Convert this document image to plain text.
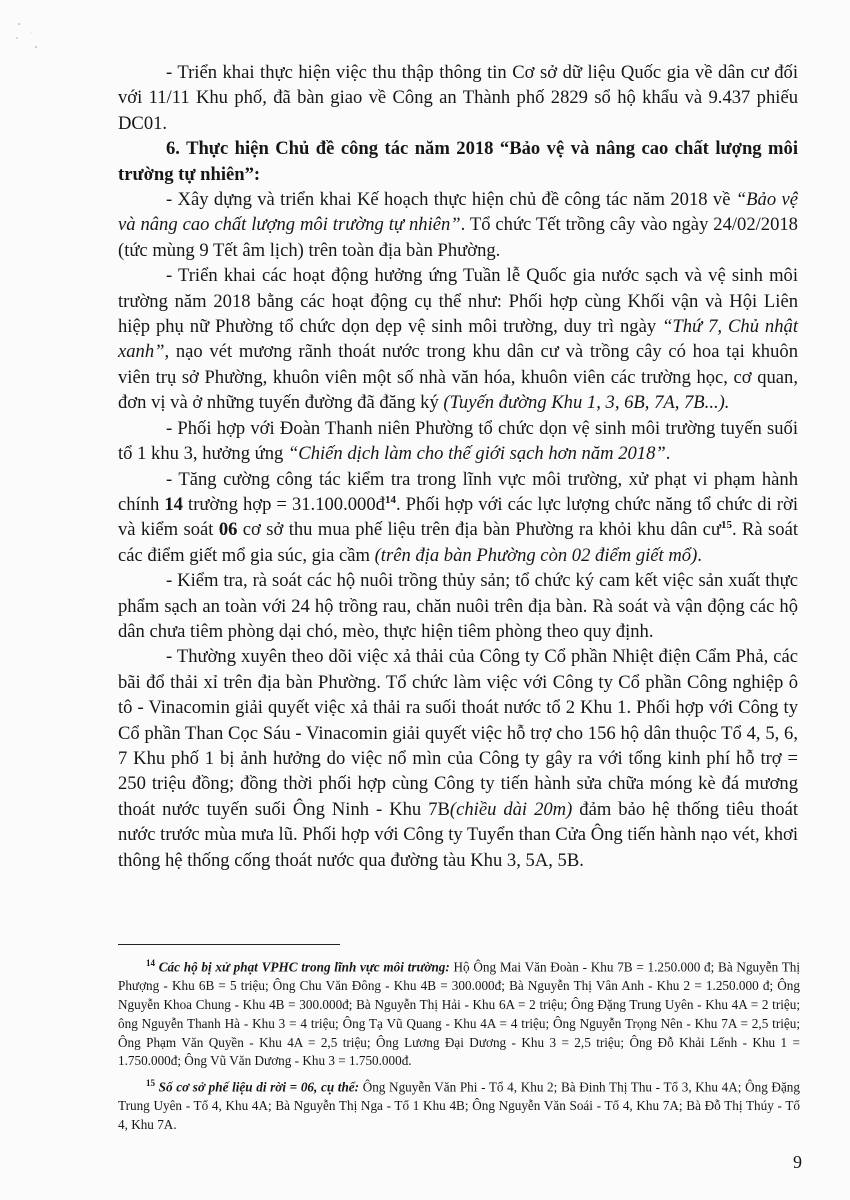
- Triển khai thực hiện việc thu thập thông tin Cơ sở dữ liệu Quốc gia về dân cư đối với 11/11 Khu phố, đã bàn giao về Công an Thành phố 2829 sổ hộ khẩu và 9.437 phiếu DC01.

6. Thực hiện Chủ đề công tác năm 2018 “Bảo vệ và nâng cao chất lượng môi trường tự nhiên”:

- Xây dựng và triển khai Kế hoạch thực hiện chủ đề công tác năm 2018 về “Bảo vệ và nâng cao chất lượng môi trường tự nhiên”. Tổ chức Tết trồng cây vào ngày 24/02/2018 (tức mùng 9 Tết âm lịch) trên toàn địa bàn Phường.

- Triển khai các hoạt động hưởng ứng Tuần lễ Quốc gia nước sạch và vệ sinh môi trường năm 2018 bằng các hoạt động cụ thể như: Phối hợp cùng Khối vận và Hội Liên hiệp phụ nữ Phường tổ chức dọn dẹp vệ sinh môi trường, duy trì ngày “Thứ 7, Chủ nhật xanh”, nạo vét mương rãnh thoát nước trong khu dân cư và trồng cây có hoa tại khuôn viên trụ sở Phường, khuôn viên một số nhà văn hóa, khuôn viên các trường học, cơ quan, đơn vị và ở những tuyến đường đã đăng ký (Tuyến đường Khu 1, 3, 6B, 7A, 7B...).

- Phối hợp với Đoàn Thanh niên Phường tổ chức dọn vệ sinh môi trường tuyến suối tổ 1 khu 3, hưởng ứng “Chiến dịch làm cho thế giới sạch hơn năm 2018”.

- Tăng cường công tác kiểm tra trong lĩnh vực môi trường, xử phạt vi phạm hành chính 14 trường hợp = 31.100.000đ$^{14}$. Phối hợp với các lực lượng chức năng tổ chức di rời và kiểm soát 06 cơ sở thu mua phế liệu trên địa bàn Phường ra khỏi khu dân cư$^{15}$. Rà soát các điểm giết mổ gia súc, gia cầm (trên địa bàn Phường còn 02 điểm giết mổ).

- Kiểm tra, rà soát các hộ nuôi trồng thủy sản; tổ chức ký cam kết việc sản xuất thực phẩm sạch an toàn với 24 hộ trồng rau, chăn nuôi trên địa bàn. Rà soát và vận động các hộ dân chưa tiêm phòng dại chó, mèo, thực hiện tiêm phòng theo quy định.

- Thường xuyên theo dõi việc xả thải của Công ty Cổ phần Nhiệt điện Cẩm Phả, các bãi đổ thải xỉ trên địa bàn Phường. Tổ chức làm việc với Công ty Cổ phần Công nghiệp ô tô - Vinacomin giải quyết việc xả thải ra suối thoát nước tổ 2 Khu 1. Phối hợp với Công ty Cổ phần Than Cọc Sáu - Vinacomin giải quyết việc hỗ trợ cho 156 hộ dân thuộc Tổ 4, 5, 6, 7 Khu phố 1 bị ảnh hưởng do việc nổ mìn của Công ty gây ra với tổng kinh phí hỗ trợ = 250 triệu đồng; đồng thời phối hợp cùng Công ty tiến hành sửa chữa móng kè đá mương thoát nước tuyến suối Ông Ninh - Khu 7B(chiều dài 20m) đảm bảo hệ thống tiêu thoát nước trước mùa mưa lũ. Phối hợp với Công ty Tuyển than Cửa Ông tiến hành nạo vét, khơi thông hệ thống cống thoát nước qua đường tàu Khu 3, 5A, 5B.

$^{14}$ Các hộ bị xử phạt VPHC trong lĩnh vực môi trường: Hộ Ông Mai Văn Đoàn - Khu 7B = 1.250.000 đ; Bà Nguyễn Thị Phượng - Khu 6B = 5 triệu; Ông Chu Văn Đông - Khu 4B = 300.000đ; Bà Nguyễn Thị Vân Anh - Khu 2 = 1.250.000 đ; Ông Nguyễn Khoa Chung - Khu 4B = 300.000đ; Bà Nguyễn Thị Hải - Khu 6A = 2 triệu; Ông Đặng Trung Uyên - Khu 4A = 2 triệu; ông Nguyễn Thanh Hà - Khu 3 = 4 triệu; Ông Tạ Vũ Quang - Khu 4A = 4 triệu; Ông Nguyễn Trọng Nên - Khu 7A = 2,5 triệu; Ông Phạm Văn Quyền - Khu 4A = 2,5 triệu; Ông Lương Đại Dương - Khu 3 = 2,5 triệu; Ông Đỗ Khải Lếnh - Khu 1 = 1.750.000đ; Ông Vũ Văn Dương - Khu 3 = 1.750.000đ.

$^{15}$ Số cơ sở phế liệu di rời = 06, cụ thể: Ông Nguyễn Văn Phi - Tổ 4, Khu 2; Bà Đinh Thị Thu - Tổ 3, Khu 4A; Ông Đặng Trung Uyên - Tổ 4, Khu 4A; Bà Nguyễn Thị Nga - Tổ 1 Khu 4B; Ông Nguyễn Văn Soái - Tổ 4, Khu 7A; Bà Đỗ Thị Thúy - Tổ 4, Khu 7A.

9
